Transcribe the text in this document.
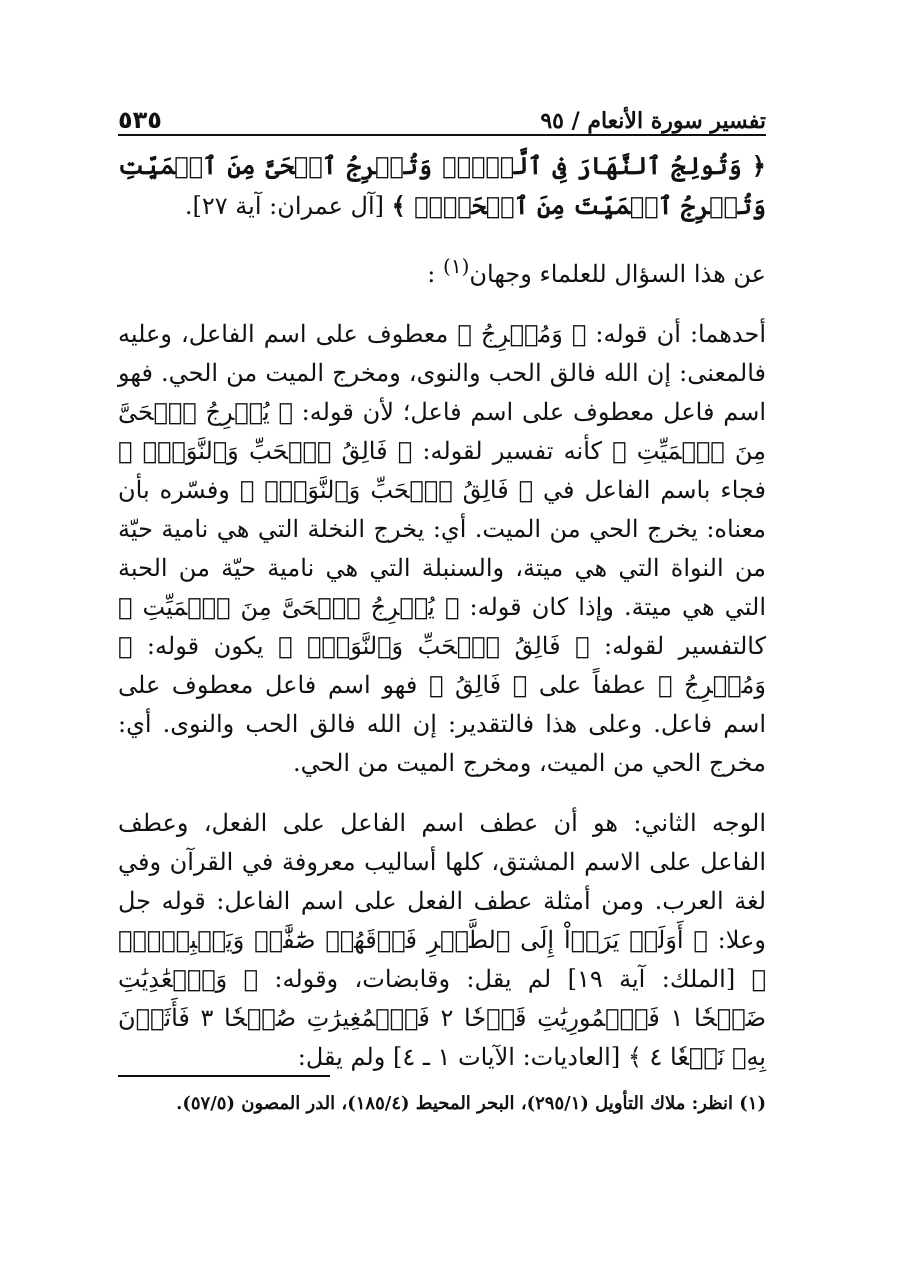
تفسير سورة الأنعام / ٩٥
٥٣٥

﴿ وَتُولِجُ ٱلنَّهَارَ فِى ٱلَّيۡلِۖ وَتُخۡرِجُ ٱلۡحَىَّ مِنَ ٱلۡمَيِّتِ وَتُخۡرِجُ ٱلۡمَيِّتَ مِنَ ٱلۡحَىِّۖ ﴾ [آل عمران: آية ٢٧].

عن هذا السؤال للعلماء وجهان$^{(١)}$ :

أحدهما: أن قوله: ﴿ وَمُخۡرِجُ ﴾ معطوف على اسم الفاعل، وعليه فالمعنى: إن الله فالق الحب والنوى، ومخرج الميت من الحي. فهو اسم فاعل معطوف على اسم فاعل؛ لأن قوله: ﴿ يُخۡرِجُ ٱلۡحَىَّ مِنَ ٱلۡمَيِّتِ ﴾ كأنه تفسير لقوله: ﴿ فَالِقُ ٱلۡحَبِّ وَٱلنَّوَىٰۖ ﴾ فجاء باسم الفاعل في ﴿ فَالِقُ ٱلۡحَبِّ وَٱلنَّوَىٰۖ ﴾ وفسّره بأن معناه: يخرج الحي من الميت. أي: يخرج النخلة التي هي نامية حيّة من النواة التي هي ميتة، والسنبلة التي هي نامية حيّة من الحبة التي هي ميتة. وإذا كان قوله: ﴿ يُخۡرِجُ ٱلۡحَىَّ مِنَ ٱلۡمَيِّتِ ﴾ كالتفسير لقوله: ﴿ فَالِقُ ٱلۡحَبِّ وَٱلنَّوَىٰۖ ﴾ يكون قوله: ﴿ وَمُخۡرِجُ ﴾ عطفاً على ﴿ فَالِقُ ﴾ فهو اسم فاعل معطوف على اسم فاعل. وعلى هذا فالتقدير: إن الله فالق الحب والنوى. أي: مخرج الحي من الميت، ومخرج الميت من الحي.

الوجه الثاني: هو أن عطف اسم الفاعل على الفعل، وعطف الفاعل على الاسم المشتق، كلها أساليب معروفة في القرآن وفي لغة العرب. ومن أمثلة عطف الفعل على اسم الفاعل: قوله جل وعلا: ﴿ أَوَلَمۡ يَرَوۡاْ إِلَى ٱلطَّيۡرِ فَوۡقَهُمۡ صَٰٓفَّٰتٖ وَيَقۡبِضۡنَۚ ﴾ [الملك: آية ١٩] لم يقل: وقابضات، وقوله: ﴿ وَٱلۡعَٰدِيَٰتِ ضَبۡحٗا ١ فَٱلۡمُورِيَٰتِ قَدۡحٗا ٢ فَٱلۡمُغِيرَٰتِ صُبۡحٗا ٣ فَأَثَرۡنَ بِهِۦ نَقۡعٗا ٤ ﴾ [العاديات: الآيات ١ ـ ٤] ولم يقل:

(١) انظر: ملاك التأويل (٢٩٥/١)، البحر المحيط (١٨٥/٤)، الدر المصون (٥٧/٥).
